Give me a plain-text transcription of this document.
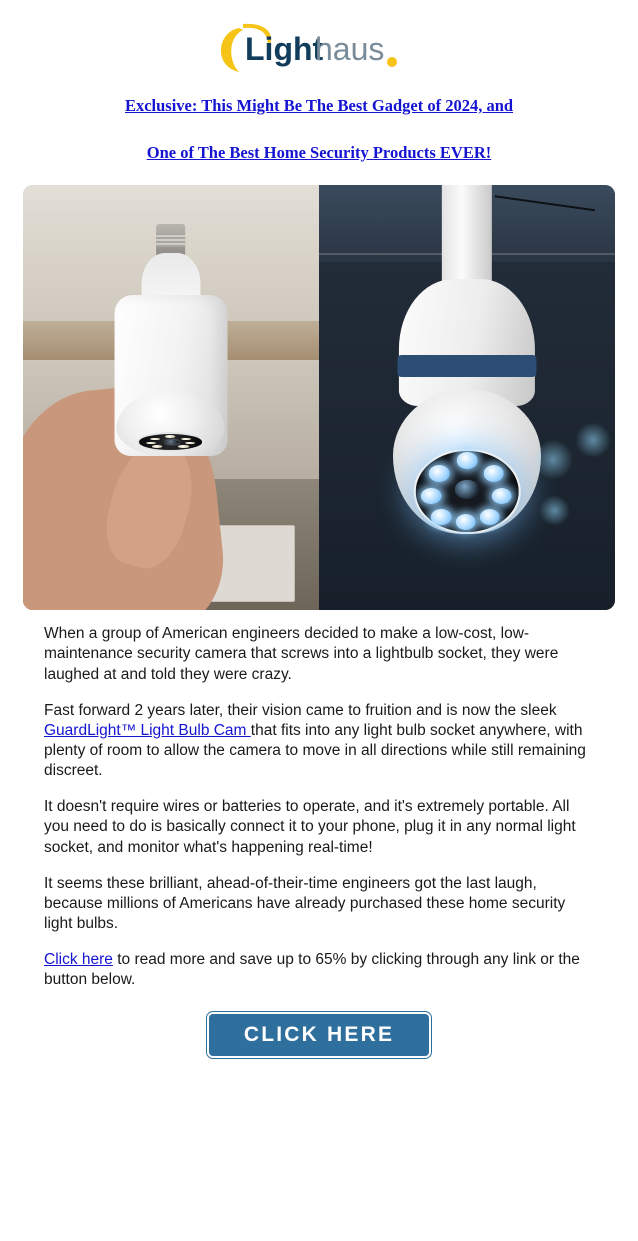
Light
haus
Exclusive: This Might Be The Best Gadget of 2024, and
One of The Best Home Security Products EVER!

When a group of American engineers decided to make a low-cost, low-maintenance security camera that screws into a lightbulb socket, they were laughed at and told they were crazy.

Fast forward 2 years later, their vision came to fruition and is now the sleek GuardLight™ Light Bulb Cam that fits into any light bulb socket anywhere, with plenty of room to allow the camera to move in all directions while still remaining discreet.

It doesn't require wires or batteries to operate, and it's extremely portable. All you need to do is basically connect it to your phone, plug it in any normal light socket, and monitor what's happening real-time!

It seems these brilliant, ahead-of-their-time engineers got the last laugh, because millions of Americans have already purchased these home security light bulbs.

Click here to read more and save up to 65% by clicking through any link or the button below.

CLICK HERE
